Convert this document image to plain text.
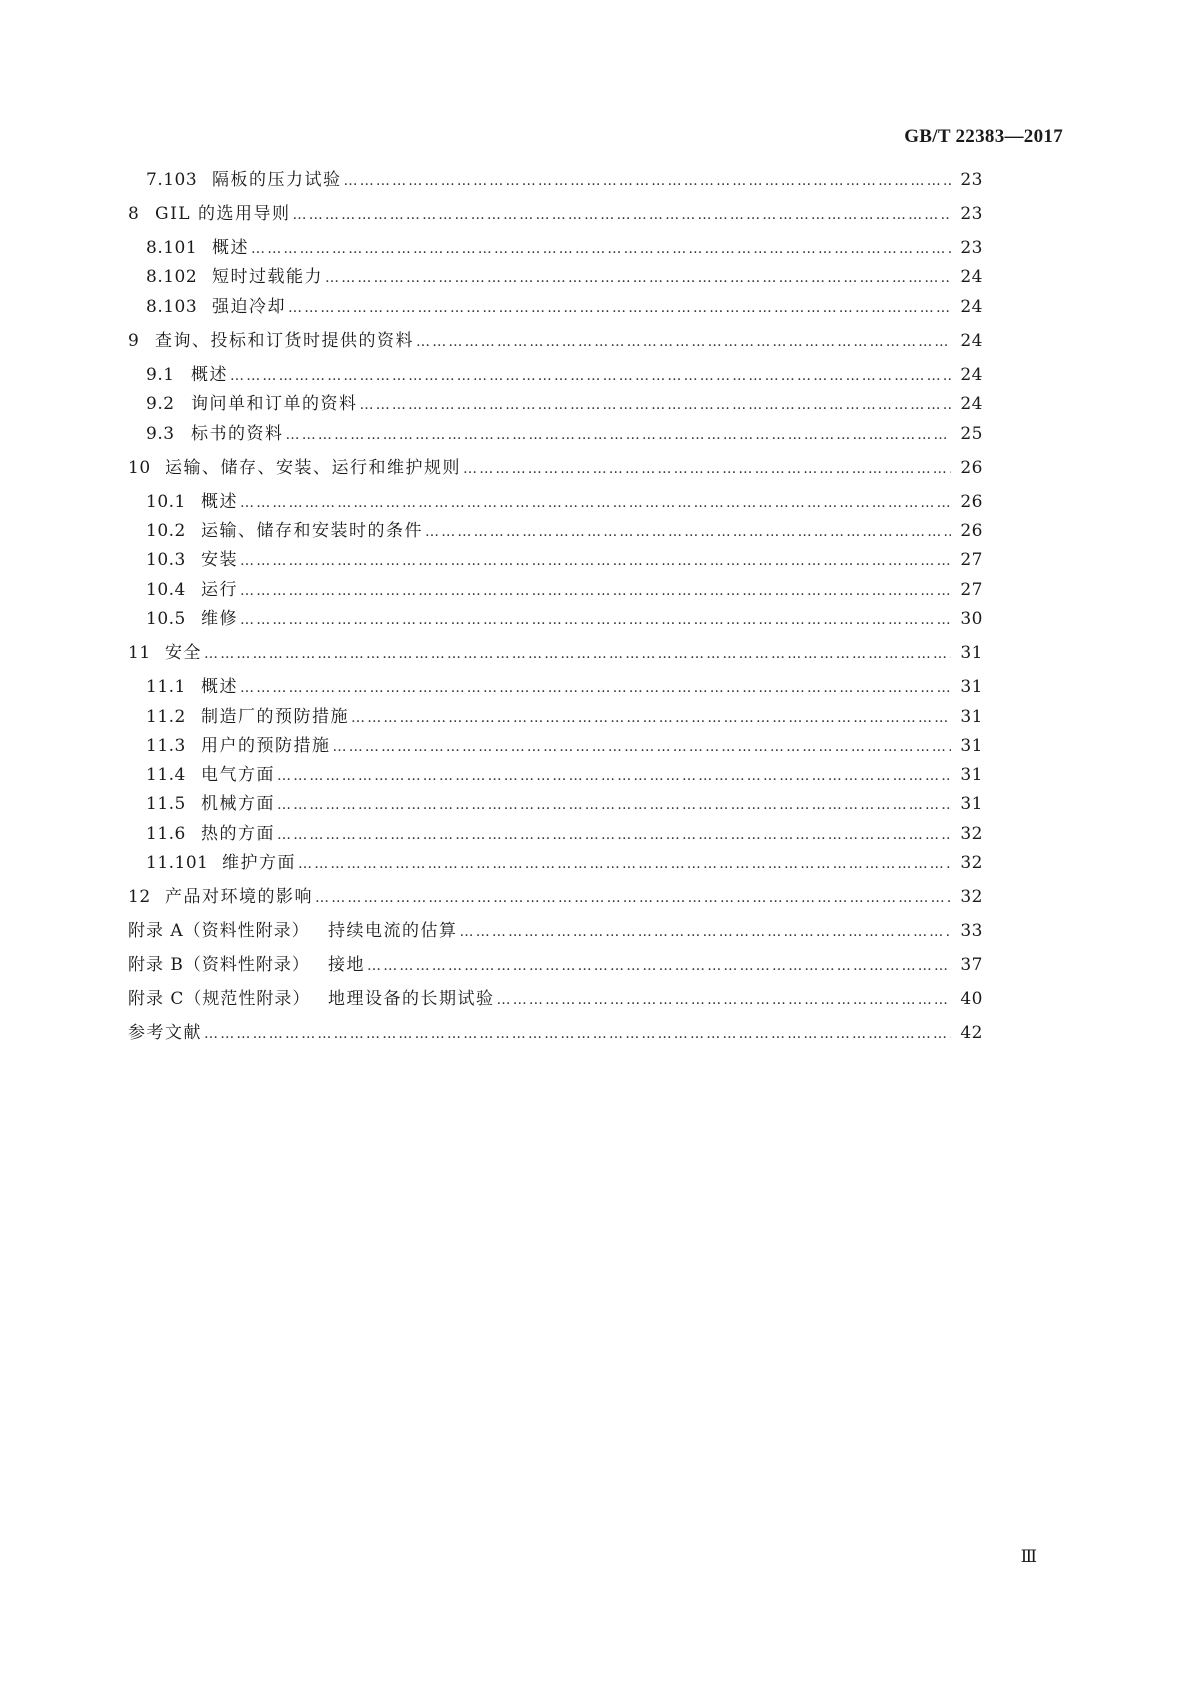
GB/T 22383—2017
7.103 隔板的压力试验 …………………………………………………………………………………………………………………………………………………………………………………………………………………………………………………………………………………………………………………………………………………………	23
8 GIL 的选用导则 …………………………………………………………………………………………………………………………………………………………………………………………………………………………………………………………………………………………………………………………………………………………	23
8.101 概述 …………………………………………………………………………………………………………………………………………………………………………………………………………………………………………………………………………………………………………………………………………………………	23
8.102 短时过载能力 …………………………………………………………………………………………………………………………………………………………………………………………………………………………………………………………………………………………………………………………………………………………	24
8.103 强迫冷却 …………………………………………………………………………………………………………………………………………………………………………………………………………………………………………………………………………………………………………………………………………………………	24
9 查询、投标和订货时提供的资料 …………………………………………………………………………………………………………………………………………………………………………………………………………………………………………………………………………………………………………………………………………………………	24
9.1 概述 …………………………………………………………………………………………………………………………………………………………………………………………………………………………………………………………………………………………………………………………………………………………	24
9.2 询问单和订单的资料 …………………………………………………………………………………………………………………………………………………………………………………………………………………………………………………………………………………………………………………………………………………………	24
9.3 标书的资料 …………………………………………………………………………………………………………………………………………………………………………………………………………………………………………………………………………………………………………………………………………………………	25
10 运输、储存、安装、运行和维护规则 …………………………………………………………………………………………………………………………………………………………………………………………………………………………………………………………………………………………………………………………………………………………	26
10.1 概述 …………………………………………………………………………………………………………………………………………………………………………………………………………………………………………………………………………………………………………………………………………………………	26
10.2 运输、储存和安装时的条件 …………………………………………………………………………………………………………………………………………………………………………………………………………………………………………………………………………………………………………………………………………………………	26
10.3 安装 …………………………………………………………………………………………………………………………………………………………………………………………………………………………………………………………………………………………………………………………………………………………	27
10.4 运行 …………………………………………………………………………………………………………………………………………………………………………………………………………………………………………………………………………………………………………………………………………………………	27
10.5 维修 …………………………………………………………………………………………………………………………………………………………………………………………………………………………………………………………………………………………………………………………………………………………	30
11 安全 …………………………………………………………………………………………………………………………………………………………………………………………………………………………………………………………………………………………………………………………………………………………	31
11.1 概述 …………………………………………………………………………………………………………………………………………………………………………………………………………………………………………………………………………………………………………………………………………………………	31
11.2 制造厂的预防措施 …………………………………………………………………………………………………………………………………………………………………………………………………………………………………………………………………………………………………………………………………………………………	31
11.3 用户的预防措施 …………………………………………………………………………………………………………………………………………………………………………………………………………………………………………………………………………………………………………………………………………………………	31
11.4 电气方面 …………………………………………………………………………………………………………………………………………………………………………………………………………………………………………………………………………………………………………………………………………………………	31
11.5 机械方面 …………………………………………………………………………………………………………………………………………………………………………………………………………………………………………………………………………………………………………………………………………………………	31
11.6 热的方面 …………………………………………………………………………………………………………………………………………………………………………………………………………………………………………………………………………………………………………………………………………………………	32
11.101 维护方面 …………………………………………………………………………………………………………………………………………………………………………………………………………………………………………………………………………………………………………………………………………………………	32
12 产品对环境的影响 …………………………………………………………………………………………………………………………………………………………………………………………………………………………………………………………………………………………………………………………………………………………	32
附录 A（资料性附录）	持续电流的估算 …………………………………………………………………………………………………………………………………………………………………………………………………………………………………………………………………………………………………………………………………………………………	33
附录 B（资料性附录）	接地 …………………………………………………………………………………………………………………………………………………………………………………………………………………………………………………………………………………………………………………………………………………………	37
附录 C（规范性附录）	地理设备的长期试验 …………………………………………………………………………………………………………………………………………………………………………………………………………………………………………………………………………………………………………………………………………………………	40
参考文献 …………………………………………………………………………………………………………………………………………………………………………………………………………………………………………………………………………………………………………………………………………………………	42
Ⅲ
